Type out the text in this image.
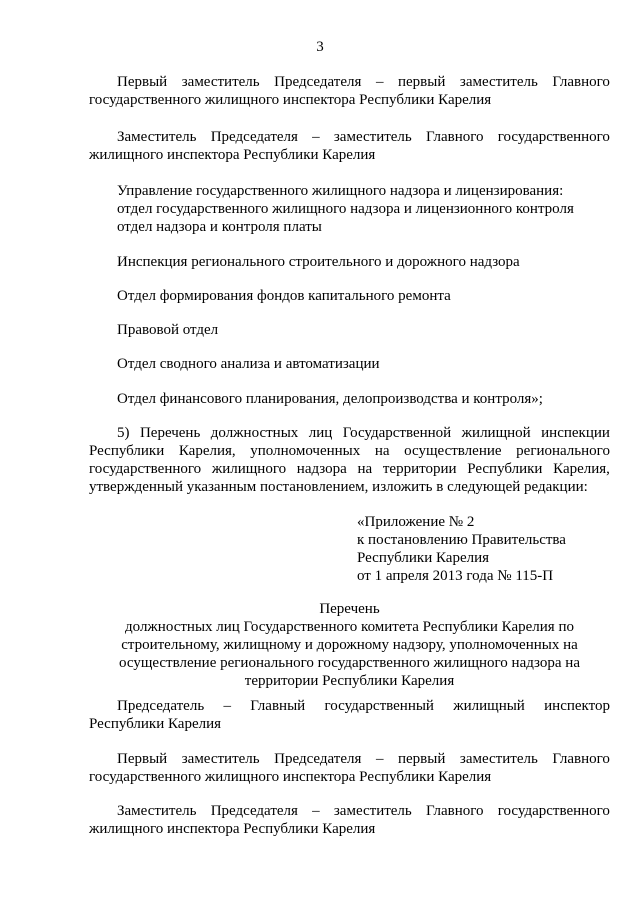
3

Первый заместитель Председателя – первый заместитель Главного

государственного жилищного инспектора Республики Карелия

Заместитель Председателя – заместитель Главного государственного

жилищного инспектора Республики Карелия

Управление государственного жилищного надзора и лицензирования:

отдел государственного жилищного надзора и лицензионного контроля

отдел надзора и контроля платы

Инспекция регионального строительного и дорожного надзора

Отдел формирования фондов капитального ремонта

Правовой отдел

Отдел сводного анализа и автоматизации

Отдел финансового планирования, делопроизводства и контроля»;

5) Перечень должностных лиц Государственной жилищной инспекции

Республики Карелия, уполномоченных на осуществление регионального

государственного жилищного надзора на территории Республики Карелия,

утвержденный указанным постановлением, изложить в следующей редакции:

«Приложение № 2

к постановлению Правительства

Республики Карелия

от 1 апреля 2013 года № 115-П

Перечень

должностных лиц Государственного комитета Республики Карелия по

строительному, жилищному и дорожному надзору, уполномоченных на

осуществление регионального государственного жилищного надзора на

территории Республики Карелия

Председатель – Главный государственный жилищный инспектор

Республики Карелия

Первый заместитель Председателя – первый заместитель Главного

государственного жилищного инспектора Республики Карелия

Заместитель Председателя – заместитель Главного государственного

жилищного инспектора Республики Карелия
